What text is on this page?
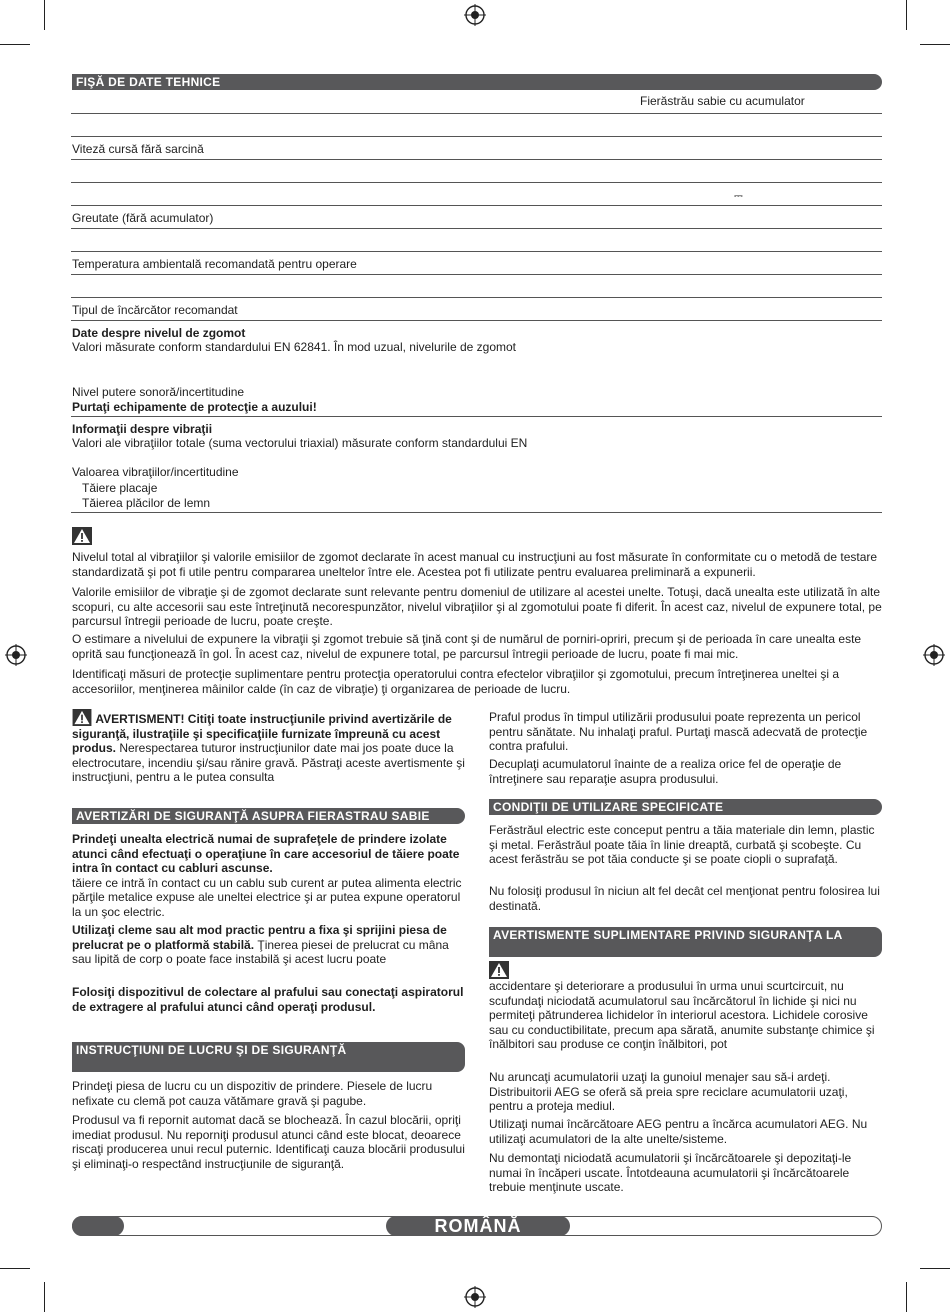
FIŞĂ DE DATE TEHNICE
Fierăstrău sabie cu acumulator
Viteză cursă fără sarcină
⎓
Greutate (fără acumulator)
Temperatura ambientală recomandată pentru operare
Tipul de încărcător recomandat
Date despre nivelul de zgomot
Valori măsurate conform standardului EN 62841. În mod uzual, nivelurile de zgomot
Nivel putere sonoră/incertitudine
Purtaţi echipamente de protecţie a auzului!
Informaţii despre vibraţii
Valori ale vibraţiilor totale (suma vectorului triaxial) măsurate conform standardului EN
Valoarea vibraţiilor/incertitudine
Tăiere placaje
Tăierea plăcilor de lemn

Nivelul total al vibraţiilor şi valorile emisiilor de zgomot declarate în acest manual cu instrucţiuni au fost măsurate în conformitate cu o metodă de testare standardizată şi pot fi utile pentru compararea uneltelor între ele. Acestea pot fi utilizate pentru evaluarea preliminară a expunerii.

Valorile emisiilor de vibraţie şi de zgomot declarate sunt relevante pentru domeniul de utilizare al acestei unelte. Totuşi, dacă unealta este utilizată în alte scopuri, cu alte accesorii sau este întreţinută necorespunzător, nivelul vibraţiilor şi al zgomotului poate fi diferit. În acest caz, nivelul de expunere total, pe parcursul întregii perioade de lucru, poate creşte.

O estimare a nivelului de expunere la vibraţii şi zgomot trebuie să ţină cont şi de numărul de porniri-opriri, precum şi de perioada în care unealta este oprită sau funcţionează în gol. În acest caz, nivelul de expunere total, pe parcursul întregii perioade de lucru, poate fi mai mic.

Identificaţi măsuri de protecţie suplimentare pentru protecţia operatorului contra efectelor vibraţiilor şi zgomotului, precum întreţinerea uneltei şi a accesoriilor, menţinerea mâinilor calde (în caz de vibraţie) ţi organizarea de perioade de lucru.

AVERTISMENT! Citiţi toate instrucţiunile privind avertizările de siguranţă, ilustraţiile şi specificaţiile furnizate împreună cu acest produs. Nerespectarea tuturor instrucţiunilor date mai jos poate duce la electrocutare, incendiu şi/sau rănire gravă. Păstraţi aceste avertismente şi instrucţiuni, pentru a le putea consulta

AVERTIZĂRI DE SIGURANŢĂ ASUPRA FIERASTRAU SABIE

Prindeţi unealta electrică numai de suprafeţele de prindere izolate atunci când efectuaţi o operaţiune în care accesoriul de tăiere poate intra în contact cu cabluri ascunse.
tăiere ce intră în contact cu un cablu sub curent ar putea alimenta electric părţile metalice expuse ale uneltei electrice şi ar putea expune operatorul la un şoc electric.

Utilizaţi cleme sau alt mod practic pentru a fixa şi sprijini piesa de prelucrat pe o platformă stabilă. Ţinerea piesei de prelucrat cu mâna sau lipită de corp o poate face instabilă şi acest lucru poate

Folosiţi dispozitivul de colectare al prafului sau conectaţi aspiratorul de extragere al prafului atunci când operaţi produsul.

INSTRUCŢIUNI DE LUCRU ŞI DE SIGURANŢĂ

Prindeţi piesa de lucru cu un dispozitiv de prindere. Piesele de lucru nefixate cu clemă pot cauza vătămare gravă şi pagube.

Produsul va fi repornit automat dacă se blochează. În cazul blocării, opriţi imediat produsul. Nu reporniţi produsul atunci când este blocat, deoarece riscaţi producerea unui recul puternic. Identificaţi cauza blocării produsului şi eliminaţi-o respectând instrucţiunile de siguranţă.

Praful produs în timpul utilizării produsului poate reprezenta un pericol pentru sănătate. Nu inhalaţi praful. Purtaţi mască adecvată de protecţie contra prafului.

Decuplaţi acumulatorul înainte de a realiza orice fel de operaţie de întreţinere sau reparaţie asupra produsului.

CONDIŢII DE UTILIZARE SPECIFICATE

Ferăstrăul electric este conceput pentru a tăia materiale din lemn, plastic şi metal. Ferăstrăul poate tăia în linie dreaptă, curbată şi scobeşte. Cu acest ferăstrău se pot tăia conducte şi se poate ciopli o suprafaţă.

Nu folosiţi produsul în niciun alt fel decât cel menţionat pentru folosirea lui destinată.

AVERTISMENTE SUPLIMENTARE PRIVIND SIGURANŢA LA

accidentare şi deteriorare a produsului în urma unui scurtcircuit, nu scufundaţi niciodată acumulatorul sau încărcătorul în lichide şi nici nu permiteţi pătrunderea lichidelor în interiorul acestora. Lichidele corosive sau cu conductibilitate, precum apa sărată, anumite substanţe chimice şi înălbitori sau produse ce conţin înălbitori, pot

Nu aruncaţi acumulatorii uzaţi la gunoiul menajer sau să-i ardeţi. Distribuitorii AEG se oferă să preia spre reciclare acumulatorii uzaţi, pentru a proteja mediul.

Utilizaţi numai încărcătoare AEG pentru a încărca acumulatori AEG. Nu utilizaţi acumulatori de la alte unelte/sisteme.

Nu demontaţi niciodată acumulatorii şi încărcătoarele şi depozitaţi-le numai în încăperi uscate. Întotdeauna acumulatorii şi încărcătoarele trebuie menţinute uscate.

ROMÂNĂ
